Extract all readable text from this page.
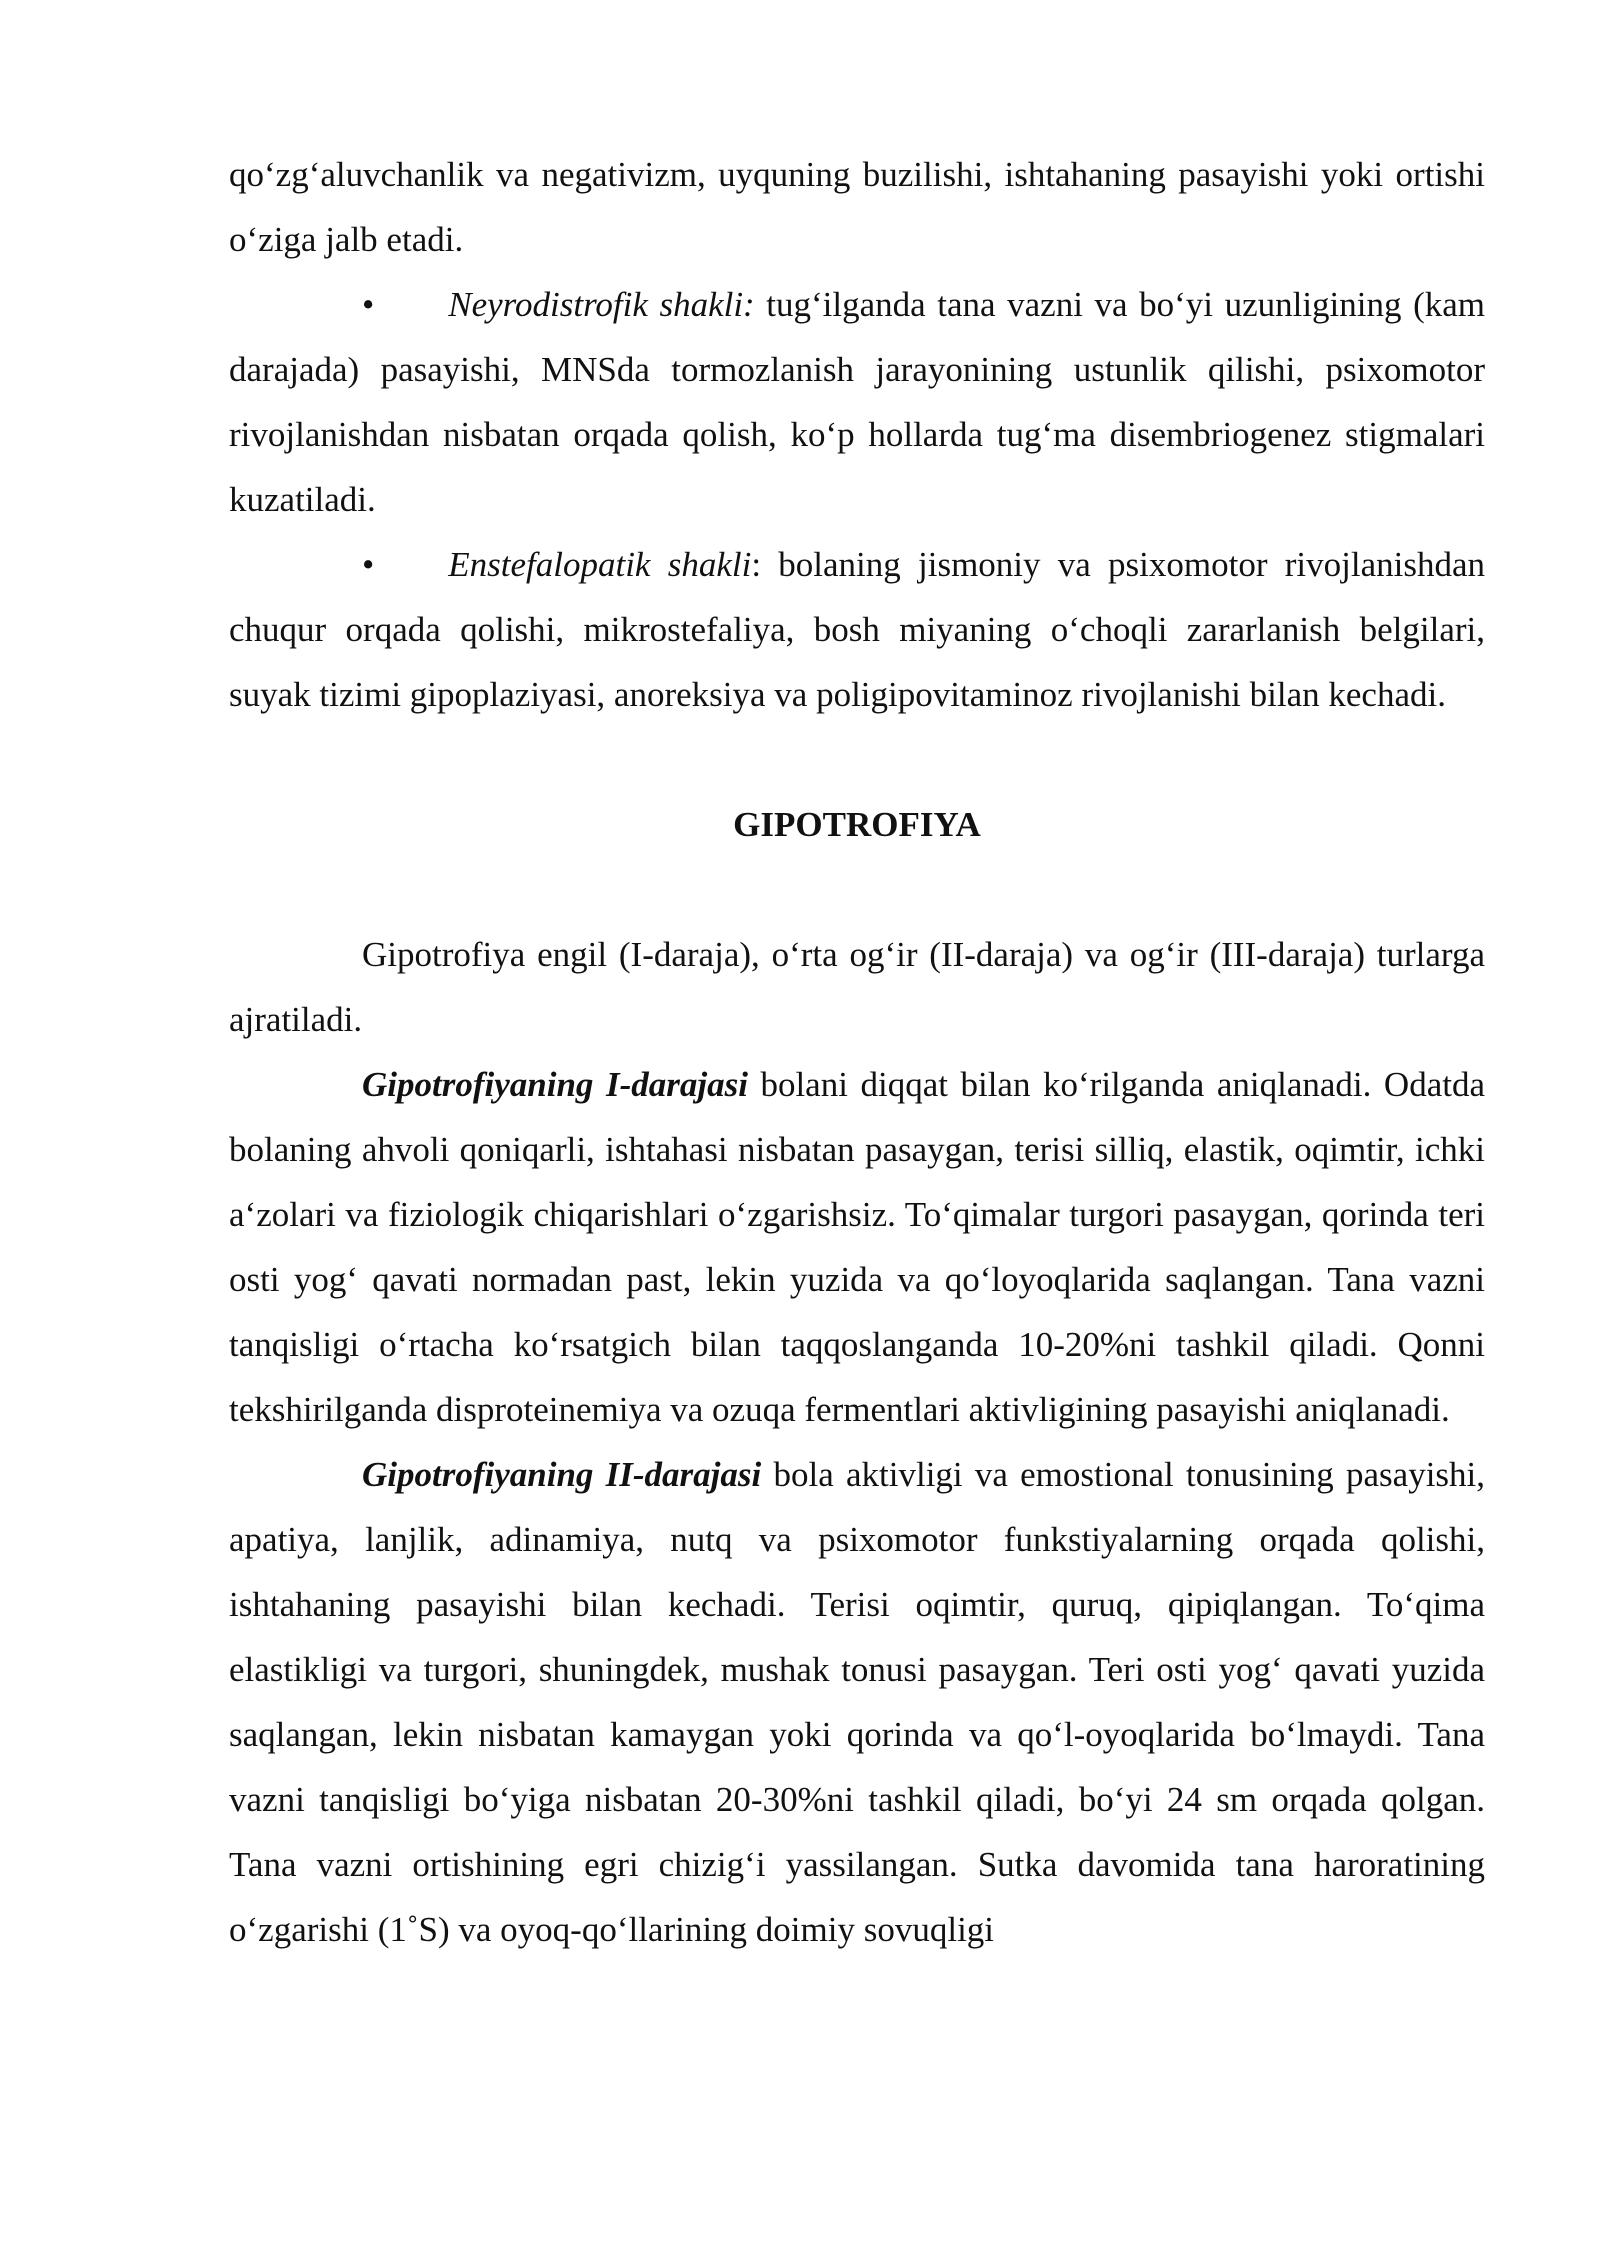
qo‘zg‘aluvchanlik va negativizm, uyquning buzilishi, ishtahaning pasayishi yoki ortishi o‘ziga jalb etadi.

• Neyrodistrofik shakli: tug‘ilganda tana vazni va bo‘yi uzunligining (kam darajada) pasayishi, MNSda tormozlanish jarayonining ustunlik qilishi, psixomotor rivojlanishdan nisbatan orqada qolish, ko‘p hollarda tug‘ma disembriogenez stigmalari kuzatiladi.

• Enstefalopatik shakli: bolaning jismoniy va psixomotor rivojlanishdan chuqur orqada qolishi, mikrostefaliya, bosh miyaning o‘choqli zararlanish belgilari, suyak tizimi gipoplaziyasi, anoreksiya va poligipovitaminoz rivojlanishi bilan kechadi.

GIPOTROFIYA

Gipotrofiya engil (I-daraja), o‘rta og‘ir (II-daraja) va og‘ir (III-daraja) turlarga ajratiladi.

Gipotrofiyaning I-darajasi bolani diqqat bilan ko‘rilganda aniqlanadi. Odatda bolaning ahvoli qoniqarli, ishtahasi nisbatan pasaygan, terisi silliq, elastik, oqimtir, ichki a‘zolari va fiziologik chiqarishlari o‘zgarishsiz. To‘qimalar turgori pasaygan, qorinda teri osti yog‘ qavati normadan past, lekin yuzida va qo‘loyoqlarida saqlangan. Tana vazni tanqisligi o‘rtacha ko‘rsatgich bilan taqqoslanganda 10-20%ni tashkil qiladi. Qonni tekshirilganda disproteinemiya va ozuqa fermentlari aktivligining pasayishi aniqlanadi.

Gipotrofiyaning II-darajasi bola aktivligi va emostional tonusining pasayishi, apatiya, lanjlik, adinamiya, nutq va psixomotor funkstiyalarning orqada qolishi, ishtahaning pasayishi bilan kechadi. Terisi oqimtir, quruq, qipiqlangan. To‘qima elastikligi va turgori, shuningdek, mushak tonusi pasaygan. Teri osti yog‘ qavati yuzida saqlangan, lekin nisbatan kamaygan yoki qorinda va qo‘l-oyoqlarida bo‘lmaydi. Tana vazni tanqisligi bo‘yiga nisbatan 20-30%ni tashkil qiladi, bo‘yi 24 sm orqada qolgan. Tana vazni ortishining egri chizig‘i yassilangan. Sutka davomida tana haroratining o‘zgarishi (1˚S) va oyoq-qo‘llarining doimiy sovuqligi
